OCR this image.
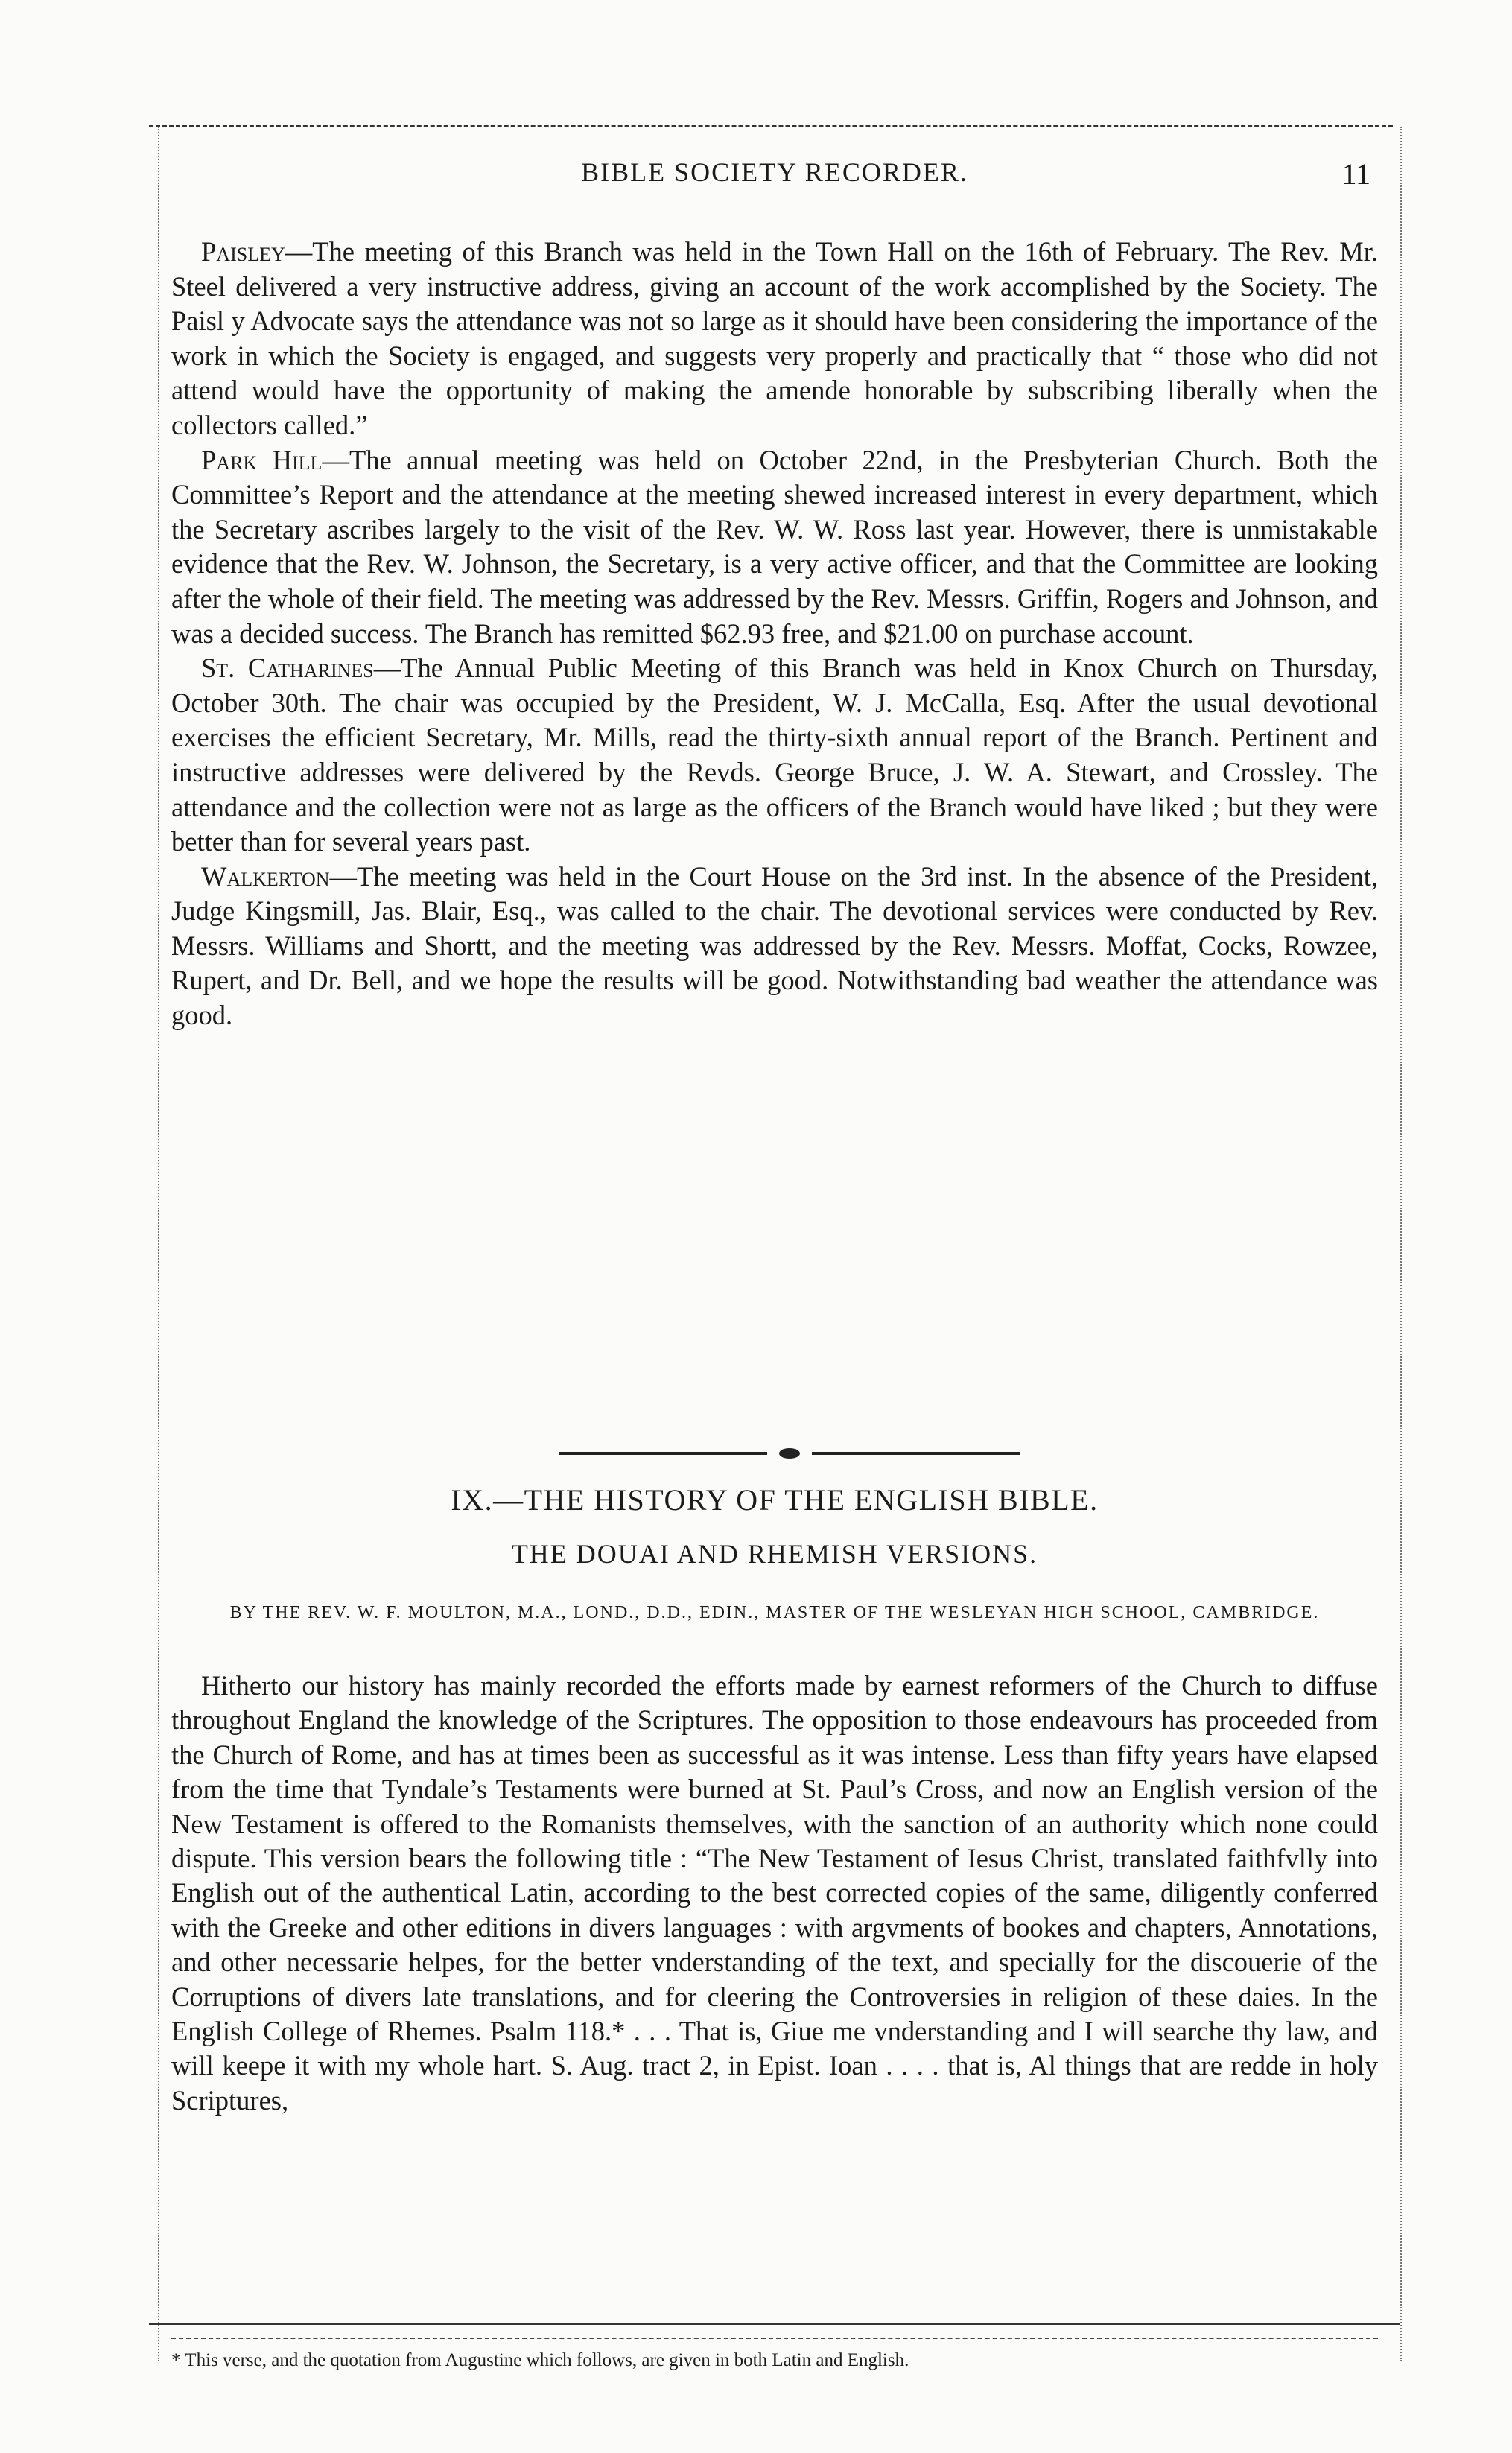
BIBLE SOCIETY RECORDER.	11

Paisley—The meeting of this Branch was held in the Town Hall on the 16th of February. The Rev. Mr. Steel delivered a very instructive address, giving an account of the work accomplished by the Society. The Paisl y Advocate says the attendance was not so large as it should have been considering the importance of the work in which the Society is engaged, and suggests very properly and practically that “ those who did not attend would have the opportunity of making the amende honorable by subscribing liberally when the collectors called.”

Park Hill—The annual meeting was held on October 22nd, in the Presbyterian Church. Both the Committee’s Report and the attendance at the meeting shewed increased interest in every department, which the Secretary ascribes largely to the visit of the Rev. W. W. Ross last year. However, there is unmistakable evidence that the Rev. W. Johnson, the Secretary, is a very active officer, and that the Committee are looking after the whole of their field. The meeting was addressed by the Rev. Messrs. Griffin, Rogers and Johnson, and was a decided success. The Branch has remitted $62.93 free, and $21.00 on purchase account.

St. Catharines—The Annual Public Meeting of this Branch was held in Knox Church on Thursday, October 30th. The chair was occupied by the President, W. J. McCalla, Esq. After the usual devotional exercises the efficient Secretary, Mr. Mills, read the thirty-sixth annual report of the Branch. Pertinent and instructive addresses were delivered by the Revds. George Bruce, J. W. A. Stewart, and Crossley. The attendance and the collection were not as large as the officers of the Branch would have liked ; but they were better than for several years past.

Walkerton—The meeting was held in the Court House on the 3rd inst. In the absence of the President, Judge Kingsmill, Jas. Blair, Esq., was called to the chair. The devotional services were conducted by Rev. Messrs. Williams and Shortt, and the meeting was addressed by the Rev. Messrs. Moffat, Cocks, Rowzee, Rupert, and Dr. Bell, and we hope the results will be good. Notwithstanding bad weather the attendance was good.

IX.—THE HISTORY OF THE ENGLISH BIBLE.
THE DOUAI AND RHEMISH VERSIONS.
BY THE REV. W. F. MOULTON, M.A., LOND., D.D., EDIN., MASTER OF THE WESLEYAN HIGH SCHOOL, CAMBRIDGE.

Hitherto our history has mainly recorded the efforts made by earnest reformers of the Church to diffuse throughout England the knowledge of the Scriptures. The opposition to those endeavours has proceeded from the Church of Rome, and has at times been as successful as it was intense. Less than fifty years have elapsed from the time that Tyndale’s Testaments were burned at St. Paul’s Cross, and now an English version of the New Testament is offered to the Romanists themselves, with the sanction of an authority which none could dispute. This version bears the following title : “The New Testament of Iesus Christ, translated faithfvlly into English out of the authentical Latin, according to the best corrected copies of the same, diligently conferred with the Greeke and other editions in divers languages : with argvments of bookes and chapters, Annotations, and other necessarie helpes, for the better vnderstanding of the text, and specially for the discouerie of the Corruptions of divers late translations, and for cleering the Controversies in religion of these daies. In the English College of Rhemes. Psalm 118.* . . . That is, Giue me vnderstanding and I will searche thy law, and will keepe it with my whole hart. S. Aug. tract 2, in Epist. Ioan . . . . that is, Al things that are redde in holy Scriptures,

* This verse, and the quotation from Augustine which follows, are given in both Latin and English.
